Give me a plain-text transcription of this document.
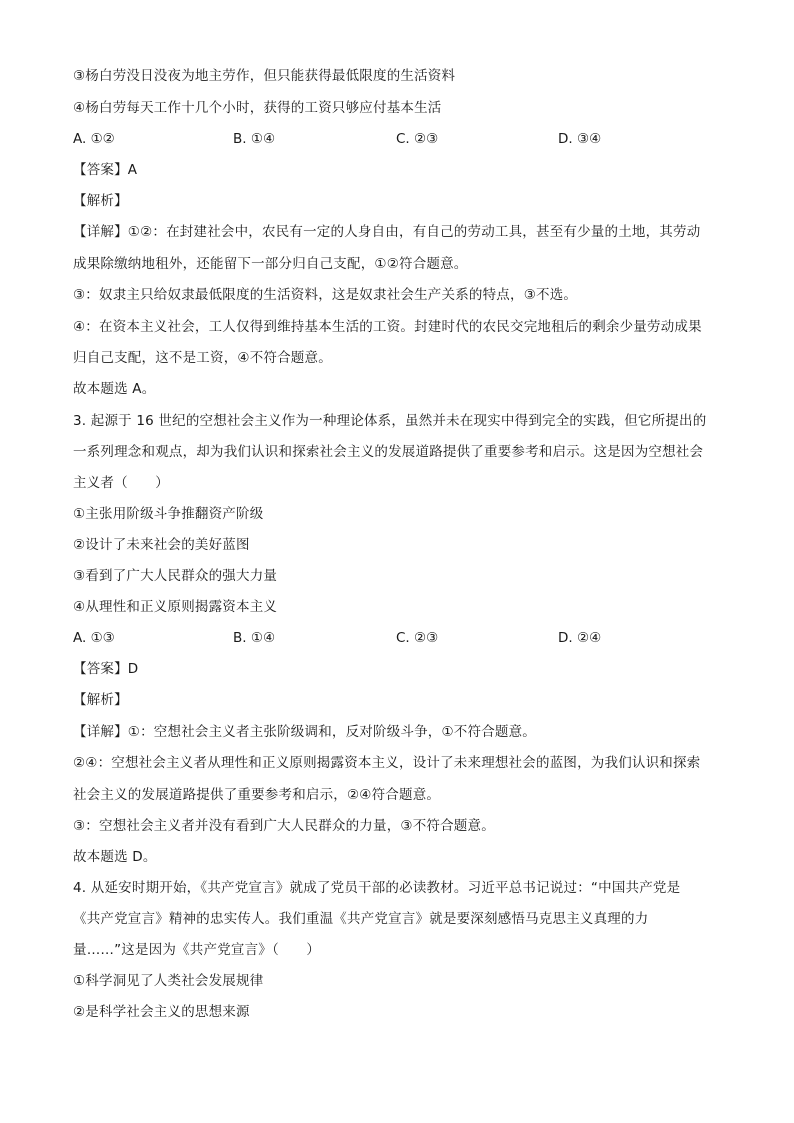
③杨白劳没日没夜为地主劳作，但只能获得最低限度的生活资料
④杨白劳每天工作十几个小时，获得的工资只够应付基本生活
A. ①②	B. ①④	C. ②③	D. ③④
【答案】A
【解析】
【详解】①②：在封建社会中，农民有一定的人身自由，有自己的劳动工具，甚至有少量的土地，其劳动
成果除缴纳地租外，还能留下一部分归自己支配，①②符合题意。
③：奴隶主只给奴隶最低限度的生活资料，这是奴隶社会生产关系的特点，③不选。
④：在资本主义社会，工人仅得到维持基本生活的工资。封建时代的农民交完地租后的剩余少量劳动成果
归自己支配，这不是工资，④不符合题意。
故本题选 A。
3. 起源于 16 世纪的空想社会主义作为一种理论体系，虽然并未在现实中得到完全的实践，但它所提出的
一系列理念和观点，却为我们认识和探索社会主义的发展道路提供了重要参考和启示。这是因为空想社会
主义者（　　）
①主张用阶级斗争推翻资产阶级
②设计了未来社会的美好蓝图
③看到了广大人民群众的强大力量
④从理性和正义原则揭露资本主义
A. ①③	B. ①④	C. ②③	D. ②④
【答案】D
【解析】
【详解】①：空想社会主义者主张阶级调和，反对阶级斗争，①不符合题意。
②④：空想社会主义者从理性和正义原则揭露资本主义，设计了未来理想社会的蓝图，为我们认识和探索
社会主义的发展道路提供了重要参考和启示，②④符合题意。
③：空想社会主义者并没有看到广大人民群众的力量，③不符合题意。
故本题选 D。
4. 从延安时期开始，《共产党宣言》就成了党员干部的必读教材。习近平总书记说过：“中国共产党是
《共产党宣言》精神的忠实传人。我们重温《共产党宣言》就是要深刻感悟马克思主义真理的力
量……”这是因为《共产党宣言》（　　）
①科学洞见了人类社会发展规律
②是科学社会主义的思想来源
